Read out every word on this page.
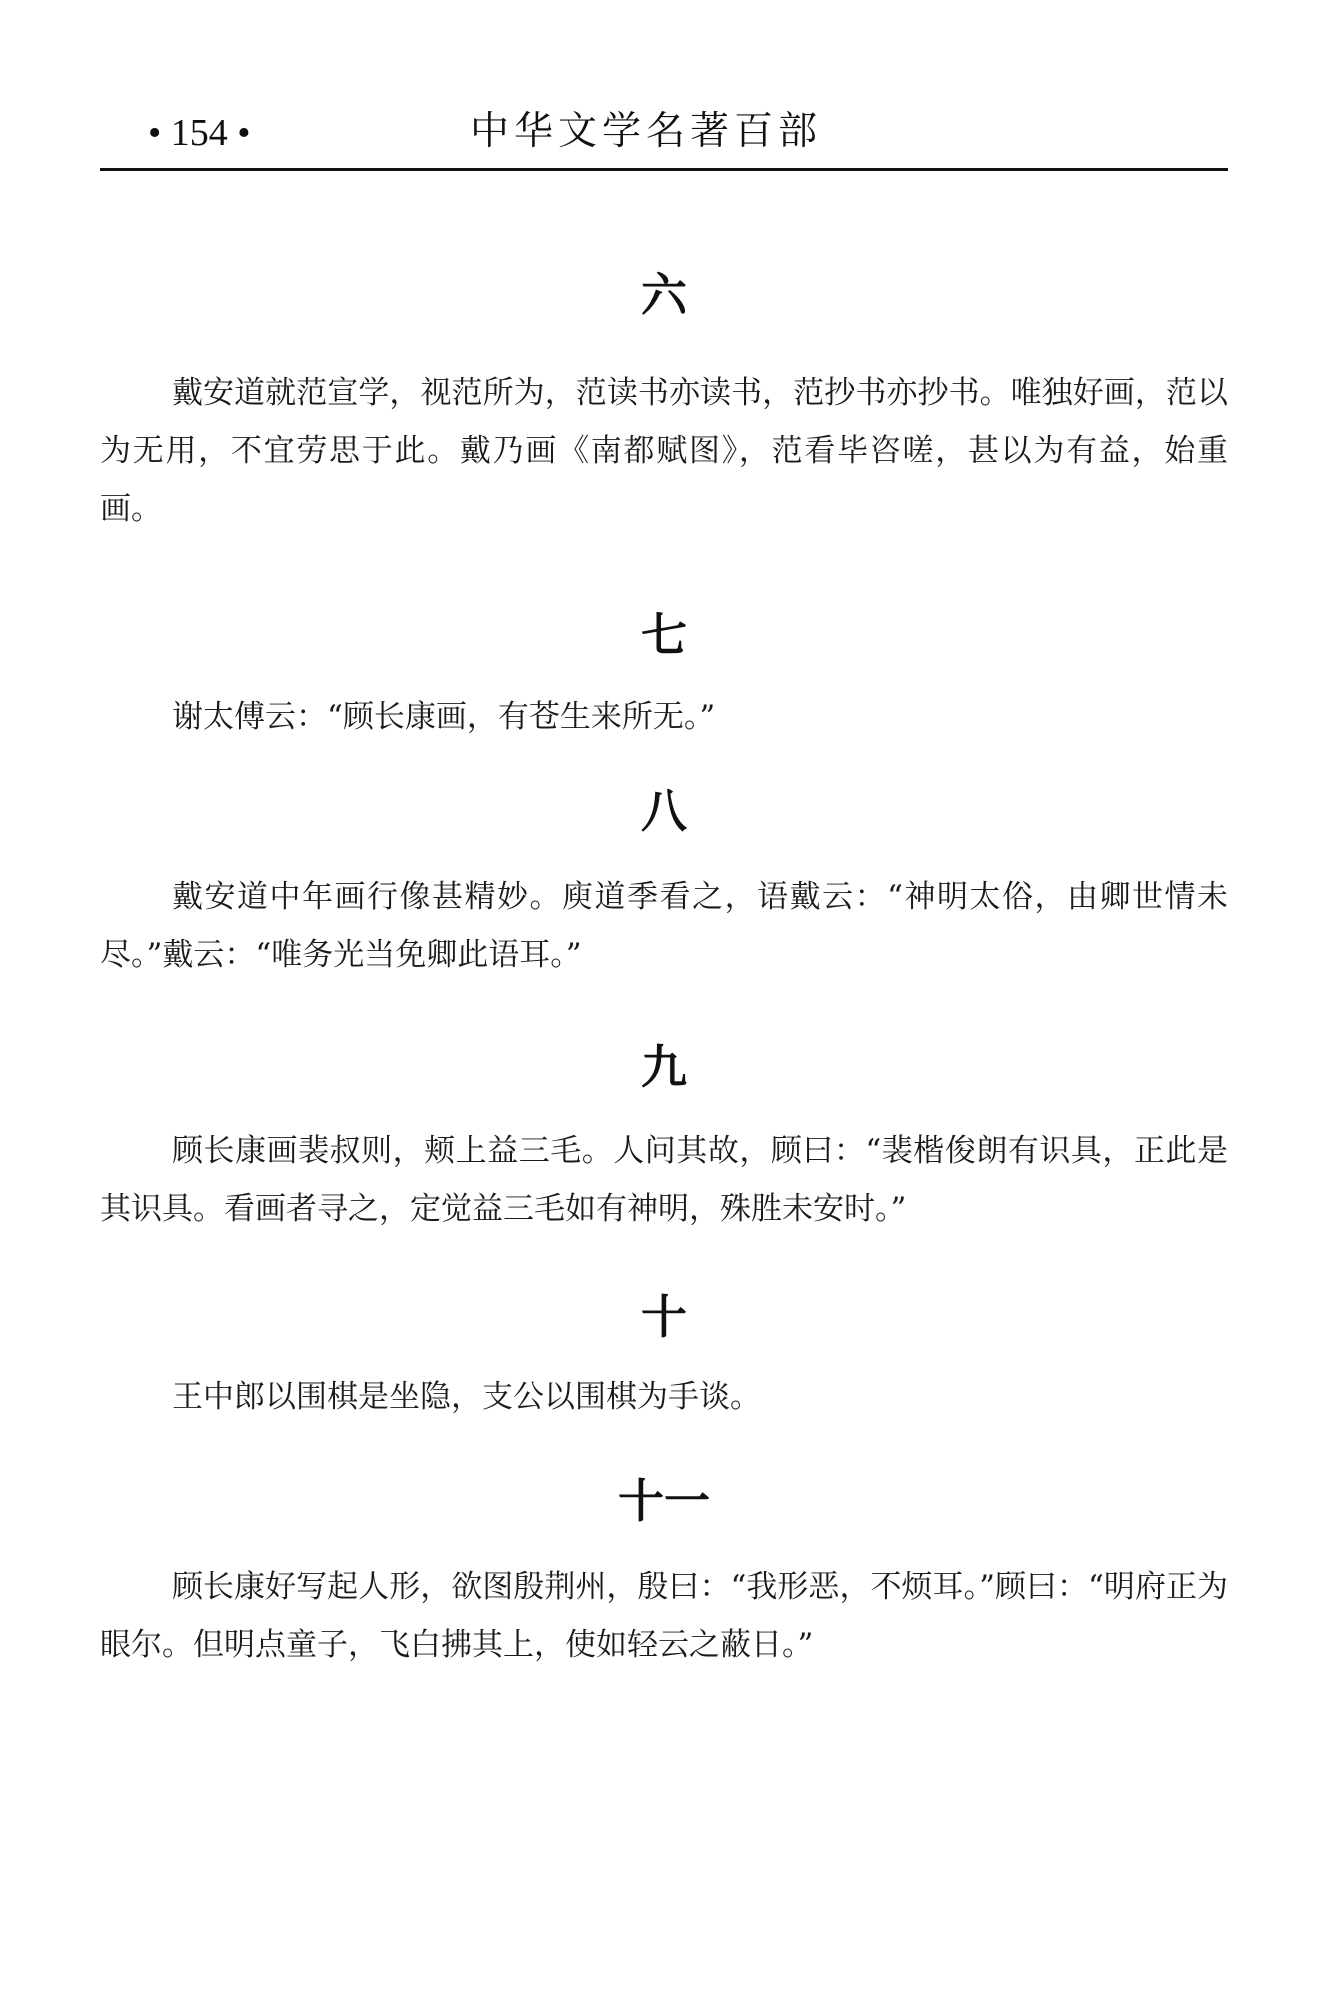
• 154 •	中华文学名著百部
六

戴安道就范宣学，视范所为，范读书亦读书，范抄书亦抄书。唯独好画，范以为无用，不宜劳思于此。戴乃画《南都赋图》，范看毕咨嗟，甚以为有益，始重画。

七

谢太傅云：“顾长康画，有苍生来所无。”

八

戴安道中年画行像甚精妙。庾道季看之，语戴云：“神明太俗，由卿世情未尽。”戴云：“唯务光当免卿此语耳。”

九

顾长康画裴叔则，颊上益三毛。人问其故，顾曰：“裴楷俊朗有识具，正此是其识具。看画者寻之，定觉益三毛如有神明，殊胜未安时。”

十

王中郎以围棋是坐隐，支公以围棋为手谈。

十一

顾长康好写起人形，欲图殷荆州，殷曰：“我形恶，不烦耳。”顾曰：“明府正为眼尔。但明点童子，飞白拂其上，使如轻云之蔽日。”
